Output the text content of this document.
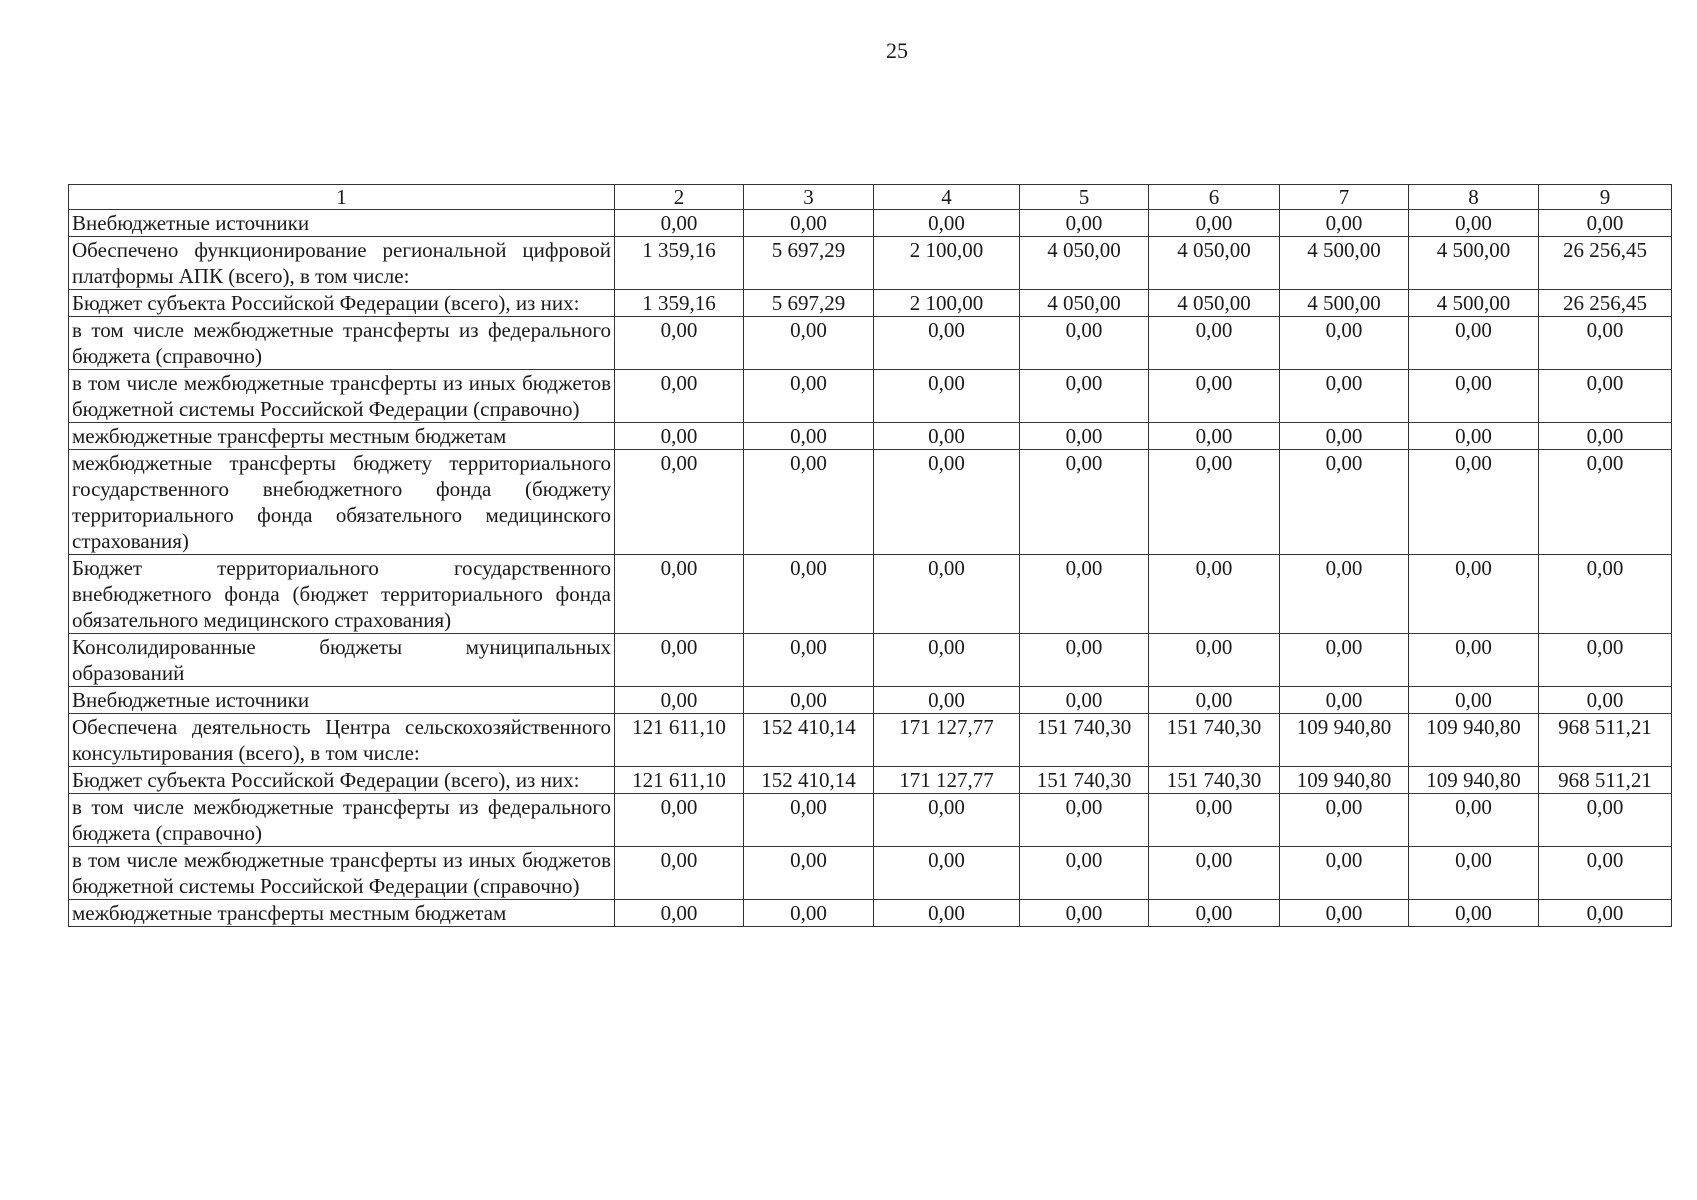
25
1	2	3	4	5	6	7	8	9
Внебюджетные источники	0,00	0,00	0,00	0,00	0,00	0,00	0,00	0,00
Обеспечено функционирование региональной цифровой платформы АПК (всего), в том числе:	1 359,16	5 697,29	2 100,00	4 050,00	4 050,00	4 500,00	4 500,00	26 256,45
Бюджет субъекта Российской Федерации (всего), из них:	1 359,16	5 697,29	2 100,00	4 050,00	4 050,00	4 500,00	4 500,00	26 256,45
в том числе межбюджетные трансферты из федерального бюджета (справочно)	0,00	0,00	0,00	0,00	0,00	0,00	0,00	0,00
в том числе межбюджетные трансферты из иных бюджетов бюджетной системы Российской Федерации (справочно)	0,00	0,00	0,00	0,00	0,00	0,00	0,00	0,00
межбюджетные трансферты местным бюджетам	0,00	0,00	0,00	0,00	0,00	0,00	0,00	0,00
межбюджетные трансферты бюджету территориального государственного внебюджетного фонда (бюджету территориального фонда обязательного медицинского страхования)	0,00	0,00	0,00	0,00	0,00	0,00	0,00	0,00
Бюджет территориального государственного внебюджетного фонда (бюджет территориального фонда обязательного медицинского страхования)	0,00	0,00	0,00	0,00	0,00	0,00	0,00	0,00
Консолидированные бюджеты муниципальных образований	0,00	0,00	0,00	0,00	0,00	0,00	0,00	0,00
Внебюджетные источники	0,00	0,00	0,00	0,00	0,00	0,00	0,00	0,00
Обеспечена деятельность Центра сельскохозяйственного консультирования (всего), в том числе:	121 611,10	152 410,14	171 127,77	151 740,30	151 740,30	109 940,80	109 940,80	968 511,21
Бюджет субъекта Российской Федерации (всего), из них:	121 611,10	152 410,14	171 127,77	151 740,30	151 740,30	109 940,80	109 940,80	968 511,21
в том числе межбюджетные трансферты из федерального бюджета (справочно)	0,00	0,00	0,00	0,00	0,00	0,00	0,00	0,00
в том числе межбюджетные трансферты из иных бюджетов бюджетной системы Российской Федерации (справочно)	0,00	0,00	0,00	0,00	0,00	0,00	0,00	0,00
межбюджетные трансферты местным бюджетам	0,00	0,00	0,00	0,00	0,00	0,00	0,00	0,00
